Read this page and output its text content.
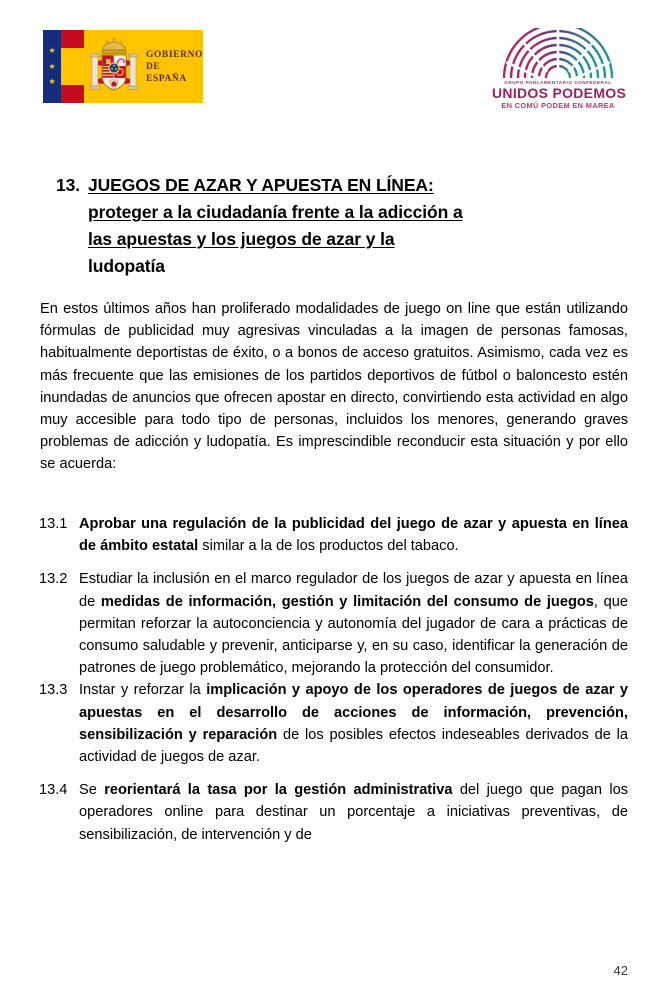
★
★
★
GOBIERNO
DE ESPAÑA	GRUPO PARLAMENTARIO CONFEDERAL
UNIDOS PODEMOS
EN COMÚ PODEM EN MAREA
13. JUEGOS DE AZAR Y APUESTA EN LÍNEA:
proteger a la ciudadanía frente a la adicción a
las apuestas y los juegos de azar y la
ludopatía
En estos últimos años han proliferado modalidades de juego on line que están utilizando fórmulas de publicidad muy agresivas vinculadas a la imagen de personas famosas, habitualmente deportistas de éxito, o a bonos de acceso gratuitos. Asimismo, cada vez es más frecuente que las emisiones de los partidos deportivos de fútbol o baloncesto estén inundadas de anuncios que ofrecen apostar en directo, convirtiendo esta actividad en algo muy accesible para todo tipo de personas, incluidos los menores, generando graves problemas de adicción y ludopatía. Es imprescindible reconducir esta situación y por ello se acuerda:
13.1 Aprobar una regulación de la publicidad del juego de azar y apuesta en línea de ámbito estatal similar a la de los productos del tabaco.
13.2 Estudiar la inclusión en el marco regulador de los juegos de azar y apuesta en línea de medidas de información, gestión y limitación del consumo de juegos, que permitan reforzar la autoconciencia y autonomía del jugador de cara a prácticas de consumo saludable y prevenir, anticiparse y, en su caso, identificar la generación de patrones de juego problemático, mejorando la protección del consumidor.
13.3 Instar y reforzar la implicación y apoyo de los operadores de juegos de azar y apuestas en el desarrollo de acciones de información, prevención, sensibilización y reparación de los posibles efectos indeseables derivados de la actividad de juegos de azar.
13.4 Se reorientará la tasa por la gestión administrativa del juego que pagan los operadores online para destinar un porcentaje a iniciativas preventivas, de sensibilización, de intervención y de
42
